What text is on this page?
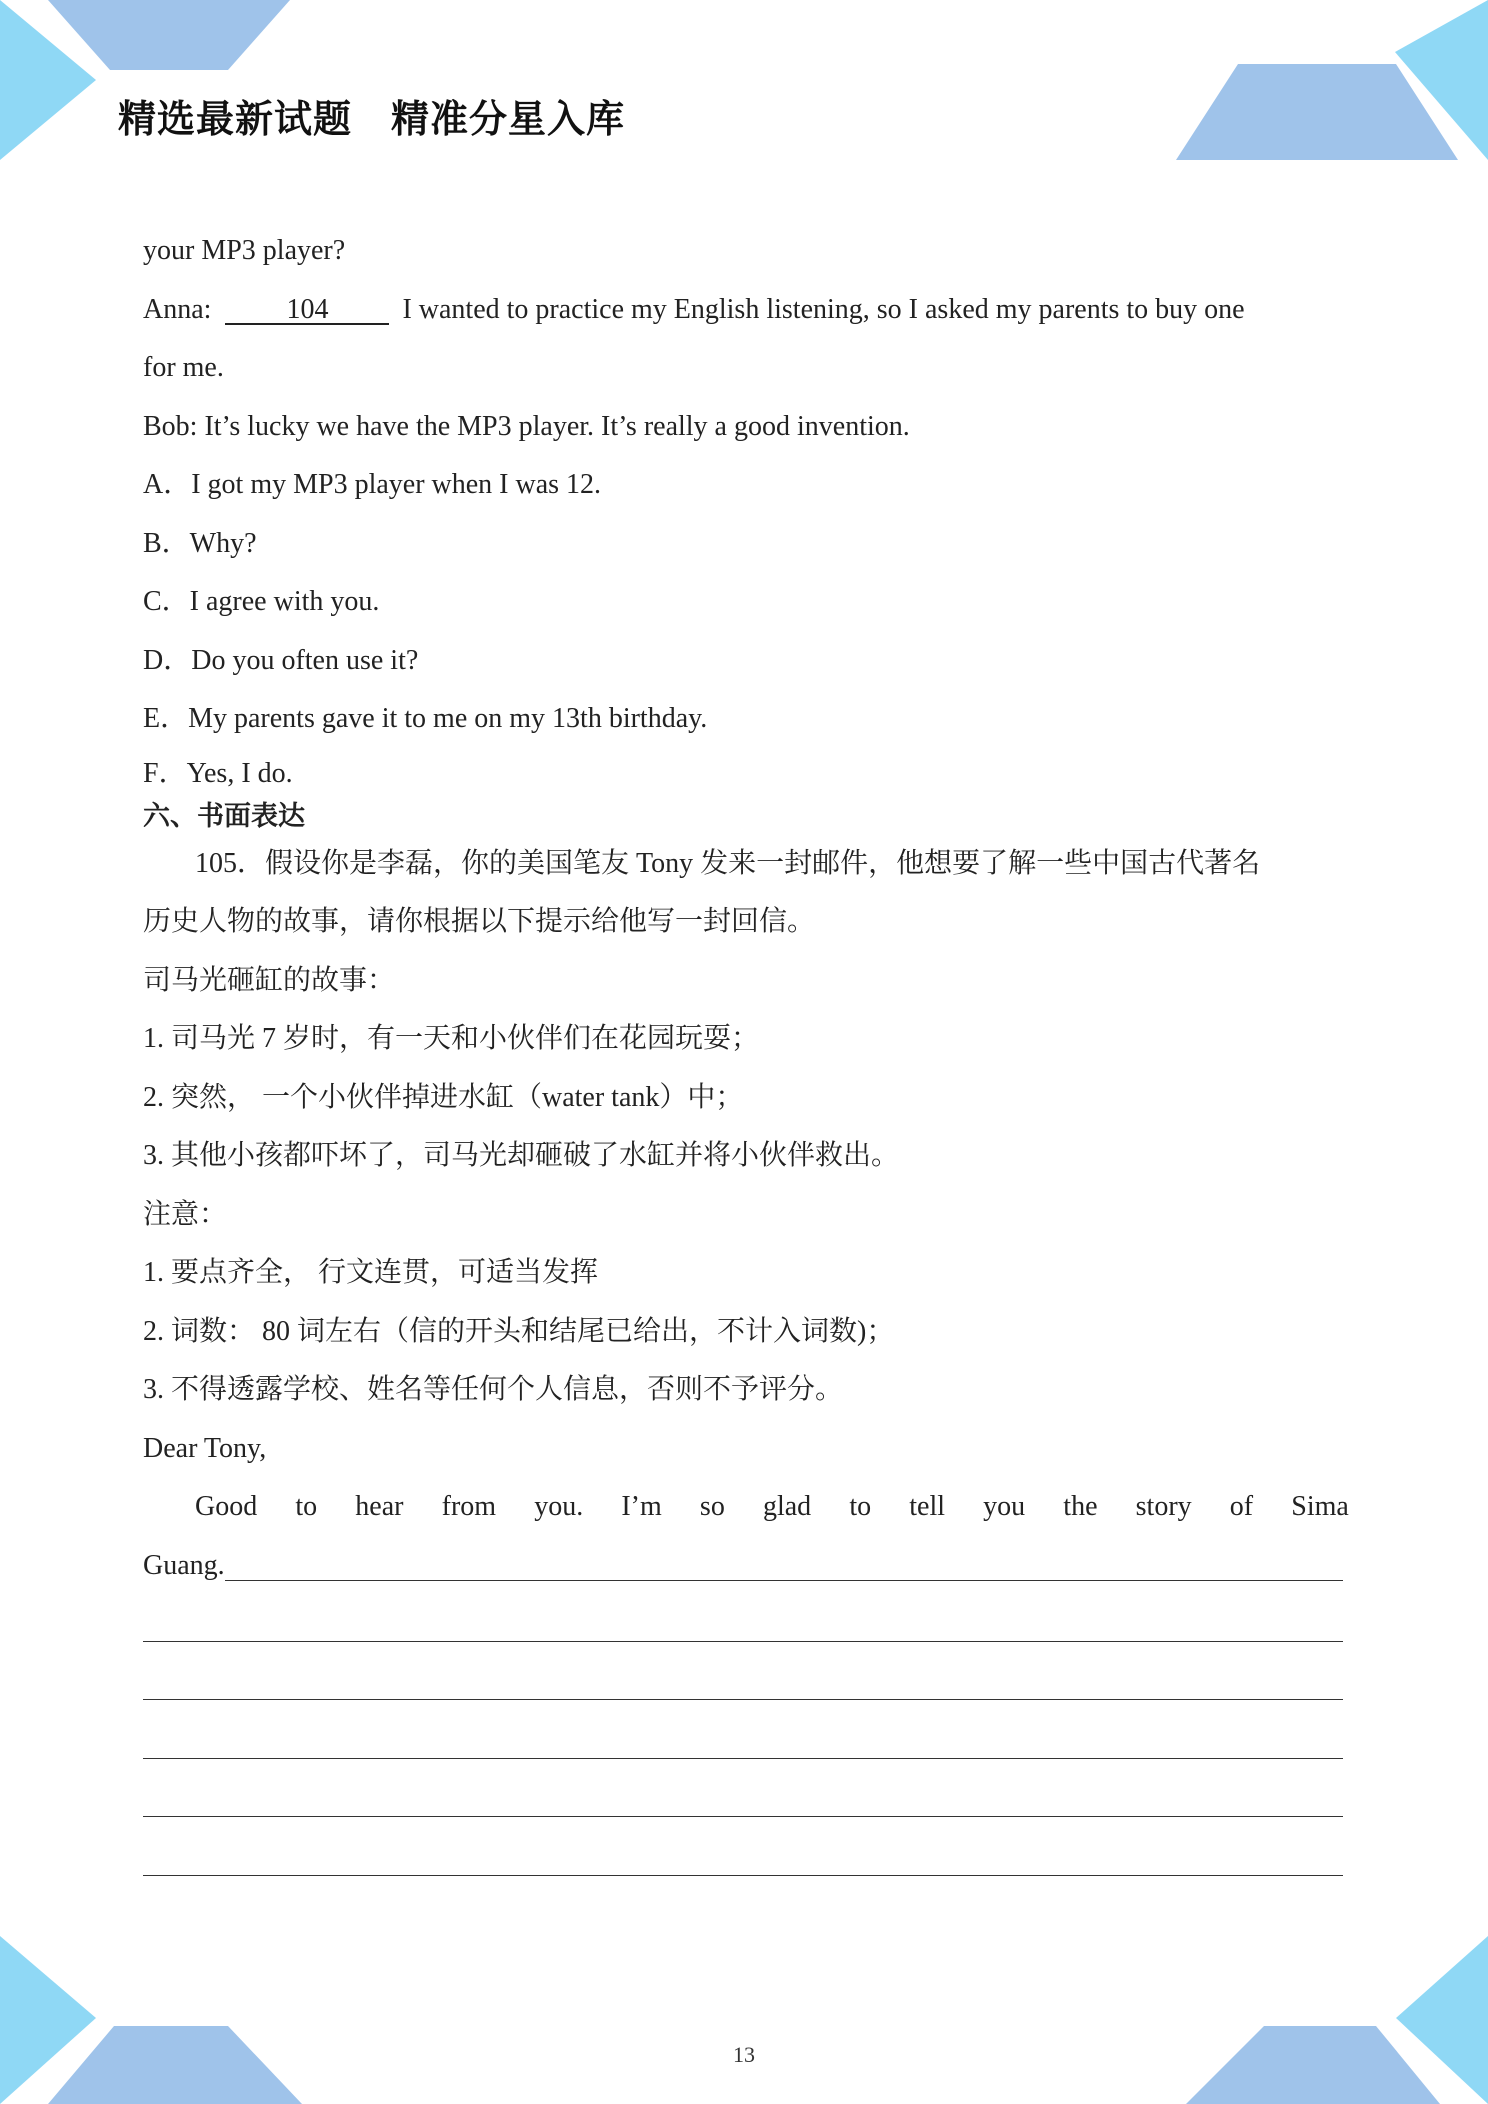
精选最新试题　精准分星入库
your MP3 player?
Anna:	104	I wanted to practice my English listening, so I asked my parents to buy one
for me.
Bob: It’s lucky we have the MP3 player. It’s really a good invention.
A．I got my MP3 player when I was 12.
B．Why?
C．I agree with you.
D．Do you often use it?
E．My parents gave it to me on my 13th birthday.
F．Yes, I do.
六、书面表达
105．假设你是李磊，你的美国笔友 Tony 发来一封邮件，他想要了解一些中国古代著名
历史人物的故事，请你根据以下提示给他写一封回信。
司马光砸缸的故事：
1. 司马光 7 岁时，有一天和小伙伴们在花园玩耍；
2. 突然， 一个小伙伴掉进水缸（water tank）中；
3. 其他小孩都吓坏了，司马光却砸破了水缸并将小伙伴救出。
注意：
1. 要点齐全， 行文连贯，可适当发挥
2. 词数： 80 词左右（信的开头和结尾已给出，不计入词数)；
3. 不得透露学校、姓名等任何个人信息，否则不予评分。
Dear Tony,
Good to hear from you. I’m so glad to tell you the story of Sima
Guang.
13
